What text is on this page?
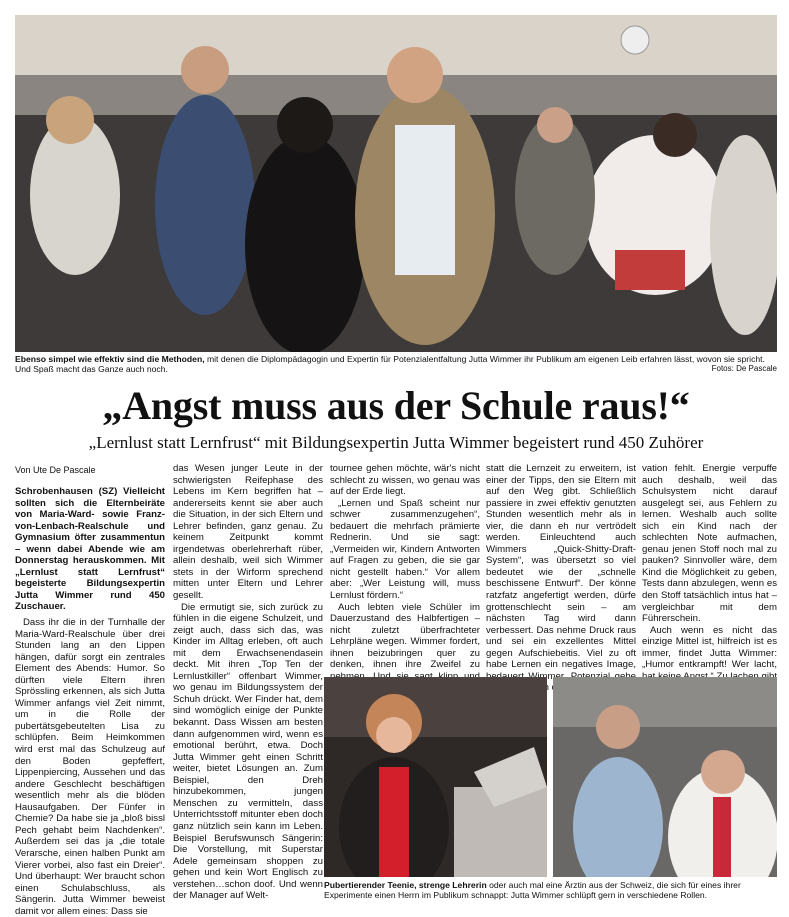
Ebenso simpel wie effektiv sind die Methoden, mit denen die Diplompädagogin und Expertin für Potenzialentfaltung Jutta Wimmer ihr Publikum am eigenen Leib erfahren lässt, wovon sie spricht. Und Spaß macht das Ganze auch noch.	Fotos: De Pascale
„Angst muss aus der Schule raus!“
„Lernlust statt Lernfrust“ mit Bildungsexpertin Jutta Wimmer begeistert rund 450 Zuhörer
Von Ute De Pascale

Schrobenhausen (SZ) Vielleicht sollten sich die Elternbeiräte von Maria-Ward- sowie Franz-von-Lenbach-Realschule und Gymnasium öfter zusammentun – wenn dabei Abende wie am Donnerstag herauskommen. Mit „Lernlust statt Lernfrust“ begeisterte Bildungsexpertin Jutta Wimmer rund 450 Zuschauer.

Dass ihr die in der Turnhalle der Maria-Ward-Realschule über drei Stunden lang an den Lippen hängen, dafür sorgt ein zentrales Element des Abends: Humor. So dürften viele Eltern ihren Sprössling erkennen, als sich Jutta Wimmer anfangs viel Zeit nimmt, um in die Rolle der pubertätsgebeutelten Lisa zu schlüpfen. Beim Heimkommen wird erst mal das Schulzeug auf den Boden gepfeffert, Lippenpiercing, Aussehen und das andere Geschlecht beschäftigen wesentlich mehr als die blöden Hausaufgaben. Der Fünfer in Chemie? Da habe sie ja „bloß bissl Pech gehabt beim Nachdenken“. Außerdem sei das ja „die totale Verarsche, einen halben Punkt am Vierer vorbei, also fast ein Dreier“. Und überhaupt: Wer braucht schon einen Schulabschluss, als Sängerin. Jutta Wimmer beweist damit vor allem eines: Dass sie

das Wesen junger Leute in der schwierigsten Reifephase des Lebens im Kern begriffen hat – andererseits kennt sie aber auch die Situation, in der sich Eltern und Lehrer befinden, ganz genau. Zu keinem Zeitpunkt kommt irgendetwas oberlehrerhaft rüber, allein deshalb, weil sich Wimmer stets in der Wirform sprechend mitten unter Eltern und Lehrer gesellt.

Die ermutigt sie, sich zurück zu fühlen in die eigene Schulzeit, und zeigt auch, dass sich das, was Kinder im Alltag erleben, oft auch mit dem Erwachsenendasein deckt. Mit ihren „Top Ten der Lernlustkiller“ offenbart Wimmer, wo genau im Bildungssystem der Schuh drückt. Wer Finder hat, dem sind womöglich einige der Punkte bekannt. Dass Wissen am besten dann aufgenommen wird, wenn es emotional berührt, etwa. Doch Jutta Wimmer geht einen Schritt weiter, bietet Lösungen an. Zum Beispiel, den Dreh hinzubekommen, jungen Menschen zu vermitteln, dass Unterrichtsstoff mitunter eben doch ganz nützlich sein kann im Leben. Beispiel Berufswunsch Sängerin: Die Vorstellung, mit Superstar Adele gemeinsam shoppen zu gehen und kein Wort Englisch zu verstehen…schon doof. Und wenn der Manager auf Welt-

tournee gehen möchte, wär's nicht schlecht zu wissen, wo genau was auf der Erde liegt.

„Lernen und Spaß scheint nur schwer zusammenzugehen“, bedauert die mehrfach prämierte Rednerin. Und sie sagt: „Vermeiden wir, Kindern Antworten auf Fragen zu geben, die sie gar nicht gestellt haben.“ Vor allem aber: „Wer Leistung will, muss Lernlust fördern.“

Auch lebten viele Schüler im Dauerzustand des Halbfertigen – nicht zuletzt überfrachteter Lehrpläne wegen. Wimmer fordert, ihnen beizubringen quer zu denken, ihnen ihre Zweifel zu

statt die Lernzeit zu erweitern, ist einer der Tipps, den sie Eltern mit auf den Weg gibt. Schließlich passiere in zwei effektiv genutzten Stunden wesentlich mehr als in vier, die dann eh nur vertrödelt werden. Einleuchtend auch Wimmers „Quick-Shitty-Draft-System“, was übersetzt so viel bedeutet wie der „schnelle beschissene Entwurf“. Der könne ratzfatz angefertigt werden, dürfe grottenschlecht sein – am nächsten Tag wird dann verbessert. Das nehme Druck raus und sei ein exzellentes Mittel gegen Aufschiebeitis. Viel zu oft habe Lernen ein negatives Image, Wimmer.

vation fehlt. Energie verpuffe auch deshalb, weil das Schulsystem nicht darauf ausgelegt sei, aus Fehlern zu lernen. Weshalb auch sollte sich ein Kind nach der schlechten Note aufmachen, genau jenen Stoff noch mal zu pauken? Sinnvoller wäre, dem Kind die Möglichkeit zu geben, Tests dann abzulegen, wenn es den Stoff tatsächlich intus hat – vergleichbar mit dem Führerschein.

Auch wenn es nicht das einzige Mittel ist, hilfreich ist es immer, findet Jutta Wimmer: „Humor entkrampft! Wer lacht,

Pubertierender Teenie, strenge Lehrerin oder auch mal eine Ärztin aus der Schweiz, die sich für eines ihrer Experimente einen Herrn im Publikum schnappt: Jutta Wimmer schlüpft gern in verschiedene Rollen.
